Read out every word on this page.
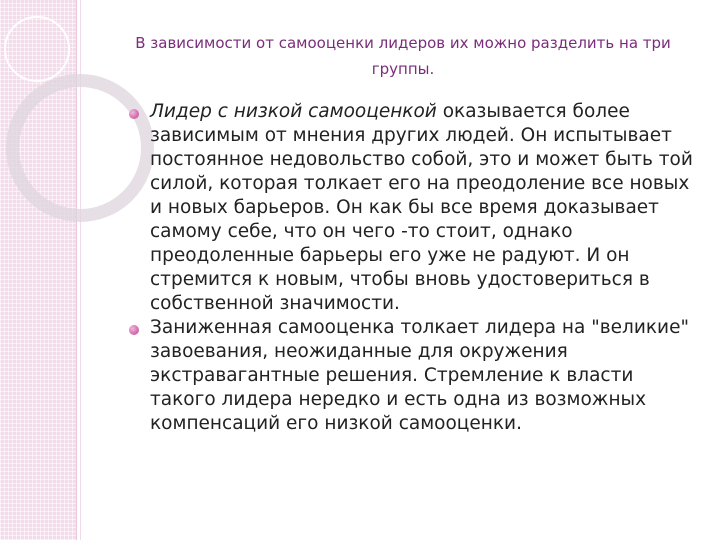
В зависимости от самооценки лидеров их можно разделить на три группы.
Лидер с низкой самооценкой оказывается более зависимым от мнения других людей. Он испытывает постоянное недовольство собой, это и может быть той силой, которая толкает его на преодоление все новых и новых барьеров. Он как бы все время доказывает самому себе, что он чего -то стоит, однако преодоленные барьеры его уже не радуют. И он стремится к новым, чтобы вновь удостовериться в собственной значимости.
Заниженная самооценка толкает лидера на "великие" завоевания, неожиданные для окружения экстравагантные решения. Стремление к власти такого лидера нередко и есть одна из возможных компенсаций его низкой самооценки.
